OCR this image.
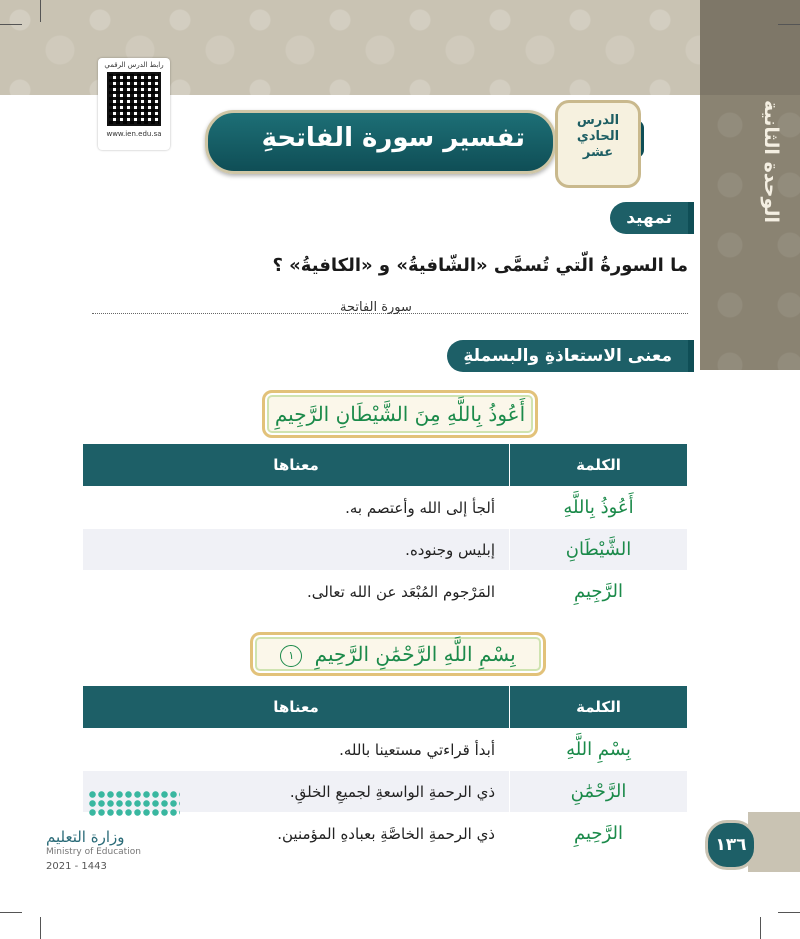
الوحدة الثانية
رابط الدرس الرقمي
www.ien.edu.sa	تفسير سورة الفاتحةِ
الدرس
الحادي
عشر
تمهيد
ما السورةُ الّتي تُسمَّى «الشّافيةُ» و «الكافيةُ» ؟
سورة الفاتحة
معنى الاستعاذةِ والبسملةِ
أَعُوذُ بِاللَّهِ مِنَ الشَّيْطَانِ الرَّجِيمِ
الكلمة	معناها
أَعُوذُ بِاللَّهِ	ألجأ إلى الله وأعتصم به.
الشَّيْطَانِ	إبليس وجنوده.
الرَّجِيمِ	المَرْجوم المُبْعَد عن الله تعالى.
١ بِسْمِ اللَّهِ الرَّحْمَٰنِ الرَّحِيمِ
الكلمة	معناها
بِسْمِ اللَّهِ	أبدأ قراءتي مستعينا بالله.
الرَّحْمَٰنِ	ذي الرحمةِ الواسعةِ لجميعِ الخلقِ.
الرَّحِيمِ	ذي الرحمةِ الخاصَّةِ بعبادهِ المؤمنين.
وزارة التعليم
Ministry of Education
2021 - 1443
١٣٦
